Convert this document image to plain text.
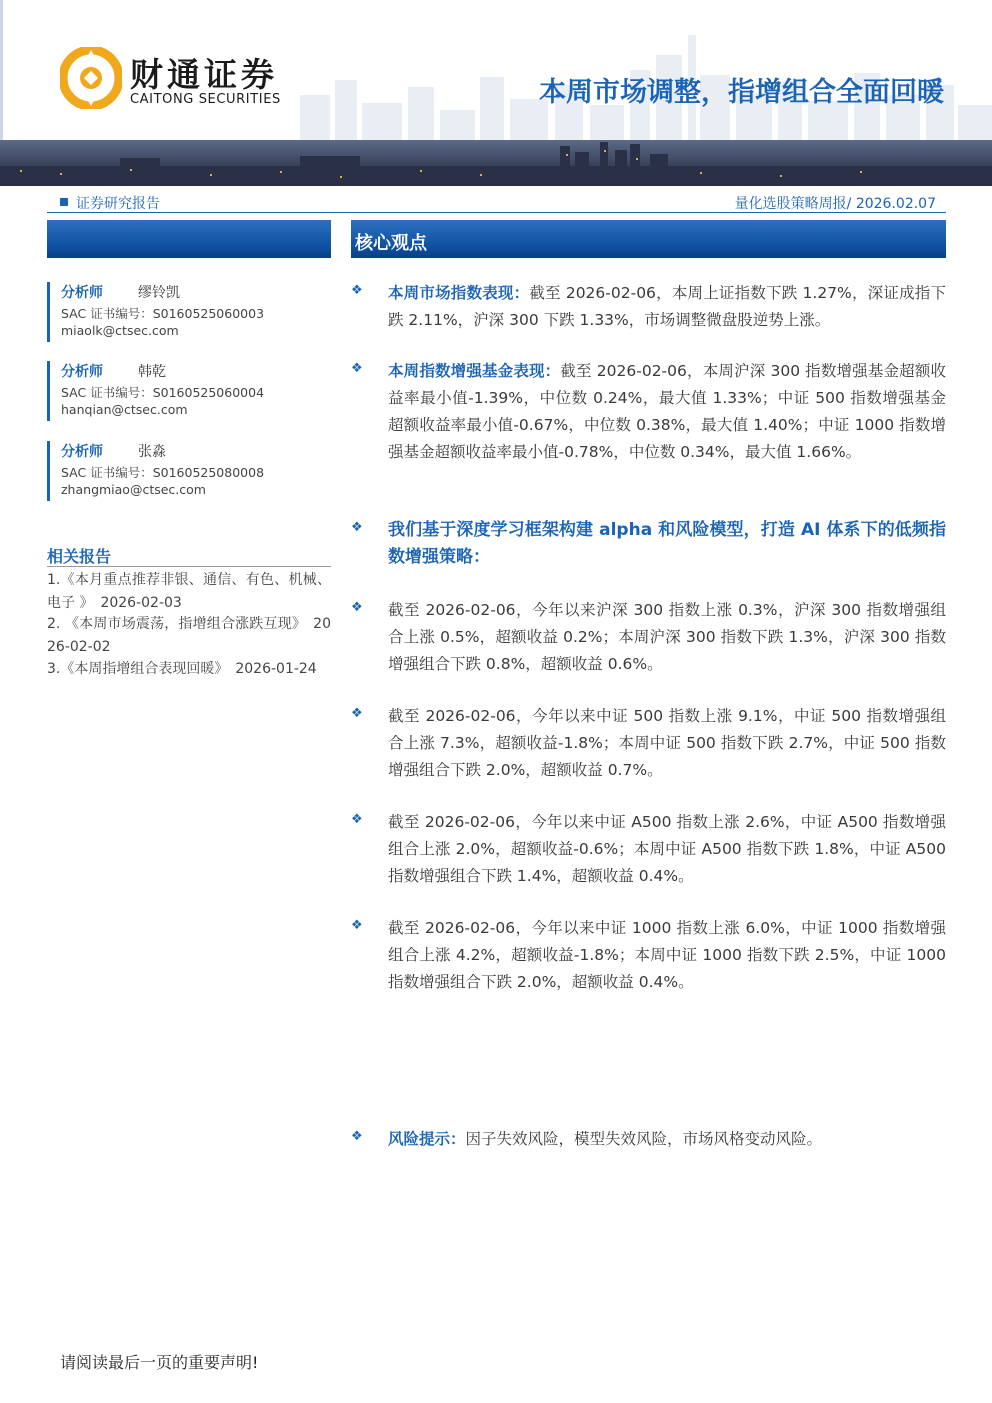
财通证券
CAITONG SECURITIES	本周市场调整，指增组合全面回暖
证券研究报告	量化选股策略周报/ 2026.02.07
分析师	缪铃凯
SAC 证书编号：S0160525060003
miaolk@ctsec.com
分析师	韩乾
SAC 证书编号：S0160525060004
hanqian@ctsec.com
分析师	张淼
SAC 证书编号：S0160525080008
zhangmiao@ctsec.com
相关报告
1.《本月重点推荐非银、通信、有色、机械、电子 》　2026-02-03
2. 《本周市场震荡，指增组合涨跌互现》　2026-02-02
3.《本周指增组合表现回暖》　2026-01-24
核心观点
❖	本周市场指数表现：截至 2026-02-06，本周上证指数下跌 1.27%，深证成指下跌 2.11%，沪深 300 下跌 1.33%，市场调整微盘股逆势上涨。
❖	本周指数增强基金表现：截至 2026-02-06，本周沪深 300 指数增强基金超额收益率最小值-1.39%，中位数 0.24%，最大值 1.33%；中证 500 指数增强基金超额收益率最小值-0.67%，中位数 0.38%，最大值 1.40%；中证 1000 指数增强基金超额收益率最小值-0.78%，中位数 0.34%，最大值 1.66%。
❖	我们基于深度学习框架构建 alpha 和风险模型，打造 AI 体系下的低频指数增强策略：
❖	截至 2026-02-06，今年以来沪深 300 指数上涨 0.3%，沪深 300 指数增强组合上涨 0.5%，超额收益 0.2%；本周沪深 300 指数下跌 1.3%，沪深 300 指数增强组合下跌 0.8%，超额收益 0.6%。
❖	截至 2026-02-06，今年以来中证 500 指数上涨 9.1%，中证 500 指数增强组合上涨 7.3%，超额收益-1.8%；本周中证 500 指数下跌 2.7%，中证 500 指数增强组合下跌 2.0%，超额收益 0.7%。
❖	截至 2026-02-06，今年以来中证 A500 指数上涨 2.6%，中证 A500 指数增强组合上涨 2.0%，超额收益-0.6%；本周中证 A500 指数下跌 1.8%，中证 A500 指数增强组合下跌 1.4%，超额收益 0.4%。
❖	截至 2026-02-06，今年以来中证 1000 指数上涨 6.0%，中证 1000 指数增强组合上涨 4.2%，超额收益-1.8%；本周中证 1000 指数下跌 2.5%，中证 1000 指数增强组合下跌 2.0%，超额收益 0.4%。
❖	风险提示：因子失效风险，模型失效风险，市场风格变动风险。
请阅读最后一页的重要声明!
